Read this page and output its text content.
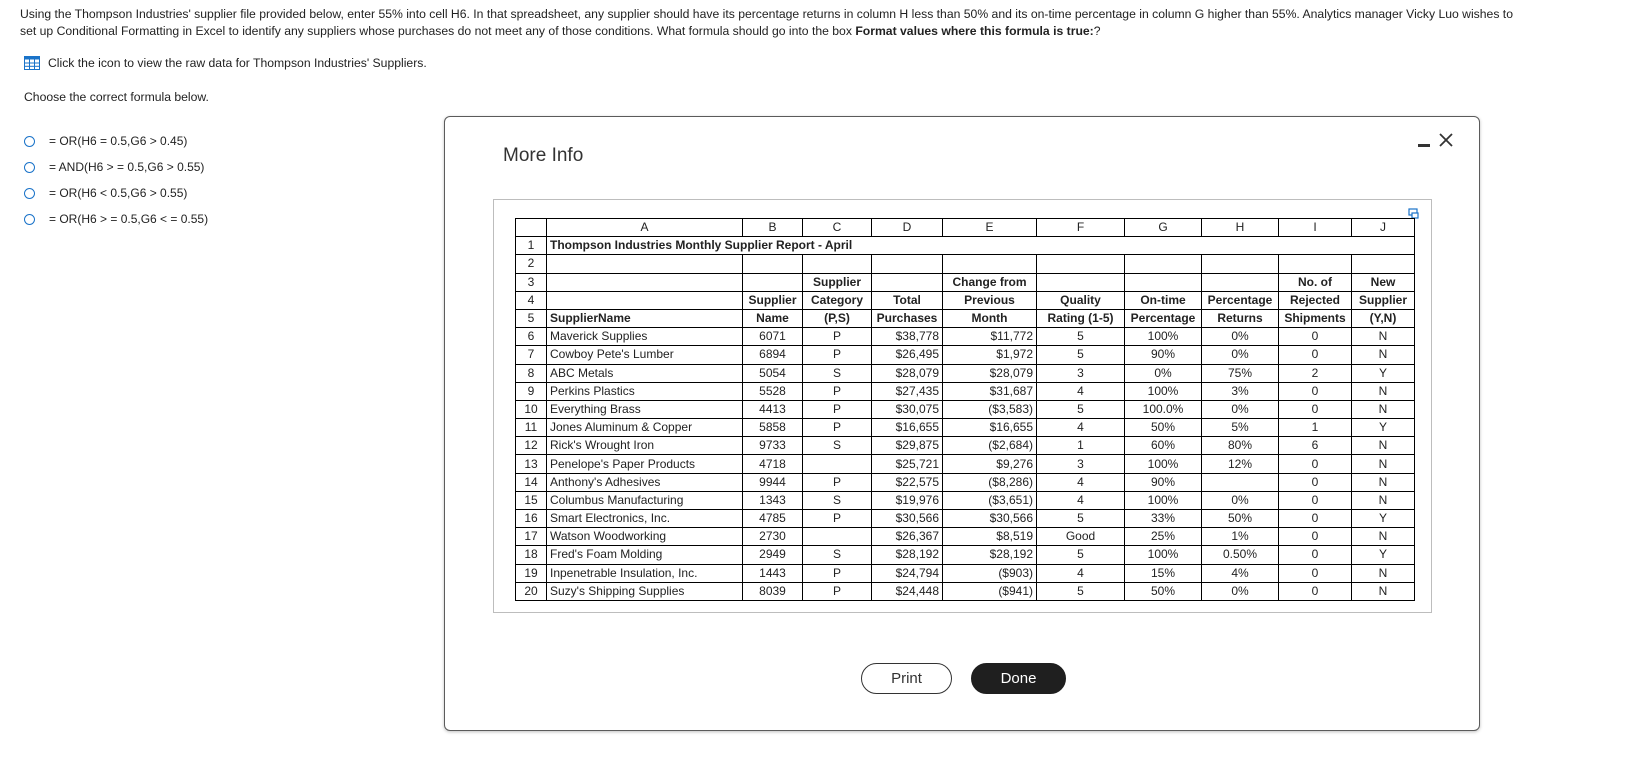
Using the Thompson Industries' supplier file provided below, enter 55% into cell H6. In that spreadsheet, any supplier should have its percentage returns in column H less than 50% and its on-time percentage in column G higher than 55%. Analytics manager Vicky Luo wishes to
set up Conditional Formatting in Excel to identify any suppliers whose purchases do not meet any of those conditions. What formula should go into the box Format values where this formula is true:?
Click the icon to view the raw data for Thompson Industries' Suppliers.
Choose the correct formula below.
= OR(H6 = 0.5,G6 > 0.45)
= AND(H6 > = 0.5,G6 > 0.55)
= OR(H6 < 0.5,G6 > 0.55)
= OR(H6 > = 0.5,G6 < = 0.55)
More Info
	A	B	C	D	E	F	G	H	I	J
1	Thompson Industries Monthly Supplier Report - April									
2										
3			Supplier		Change from				No. of	New
4		Supplier	Category	Total	Previous	Quality	On-time	Percentage	Rejected	Supplier
5	SupplierName	Name	(P,S)	Purchases	Month	Rating (1-5)	Percentage	Returns	Shipments	(Y,N)
6	Maverick Supplies	6071	P	$38,778	$11,772	5	100%	0%	0	N
7	Cowboy Pete's Lumber	6894	P	$26,495	$1,972	5	90%	0%	0	N
8	ABC Metals	5054	S	$28,079	$28,079	3	0%	75%	2	Y
9	Perkins Plastics	5528	P	$27,435	$31,687	4	100%	3%	0	N
10	Everything Brass	4413	P	$30,075	($3,583)	5	100.0%	0%	0	N
11	Jones Aluminum & Copper	5858	P	$16,655	$16,655	4	50%	5%	1	Y
12	Rick's Wrought Iron	9733	S	$29,875	($2,684)	1	60%	80%	6	N
13	Penelope's Paper Products	4718		$25,721	$9,276	3	100%	12%	0	N
14	Anthony's Adhesives	9944	P	$22,575	($8,286)	4	90%		0	N
15	Columbus Manufacturing	1343	S	$19,976	($3,651)	4	100%	0%	0	N
16	Smart Electronics, Inc.	4785	P	$30,566	$30,566	5	33%	50%	0	Y
17	Watson Woodworking	2730		$26,367	$8,519	Good	25%	1%	0	N
18	Fred's Foam Molding	2949	S	$28,192	$28,192	5	100%	0.50%	0	Y
19	Inpenetrable Insulation, Inc.	1443	P	$24,794	($903)	4	15%	4%	0	N
20	Suzy's Shipping Supplies	8039	P	$24,448	($941)	5	50%	0%	0	N
Print	Done
